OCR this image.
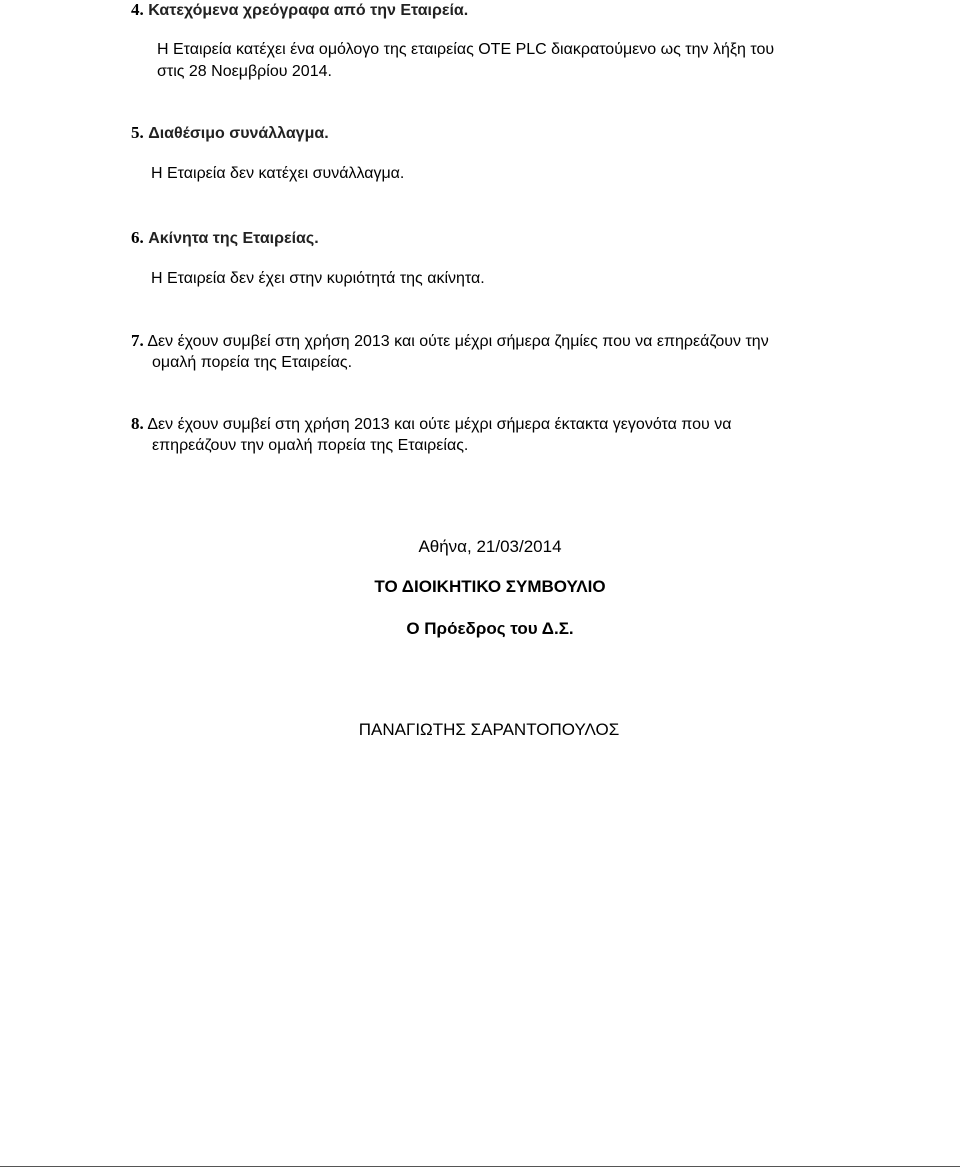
4. Κατεχόμενα χρεόγραφα από την Εταιρεία.
Η Εταιρεία κατέχει ένα ομόλογο της εταιρείας ΟΤΕ PLC διακρατούμενο ως την λήξη του
στις 28 Νοεμβρίου 2014.
5. Διαθέσιμο συνάλλαγμα.
Η Εταιρεία δεν κατέχει συνάλλαγμα.
6. Ακίνητα της Εταιρείας.
Η Εταιρεία δεν έχει στην κυριότητά της ακίνητα.
7. Δεν έχουν συμβεί στη χρήση 2013 και ούτε μέχρι σήμερα ζημίες που να επηρεάζουν την
ομαλή πορεία της Εταιρείας.
8. Δεν έχουν συμβεί στη χρήση 2013 και ούτε μέχρι σήμερα έκτακτα γεγονότα που να
επηρεάζουν την ομαλή πορεία της Εταιρείας.
Αθήνα, 21/03/2014
ΤΟ ΔΙΟΙΚΗΤΙΚΟ ΣΥΜΒΟΥΛΙΟ
Ο Πρόεδρος του Δ.Σ.
ΠΑΝΑΓΙΩΤΗΣ ΣΑΡΑΝΤΟΠΟΥΛΟΣ
